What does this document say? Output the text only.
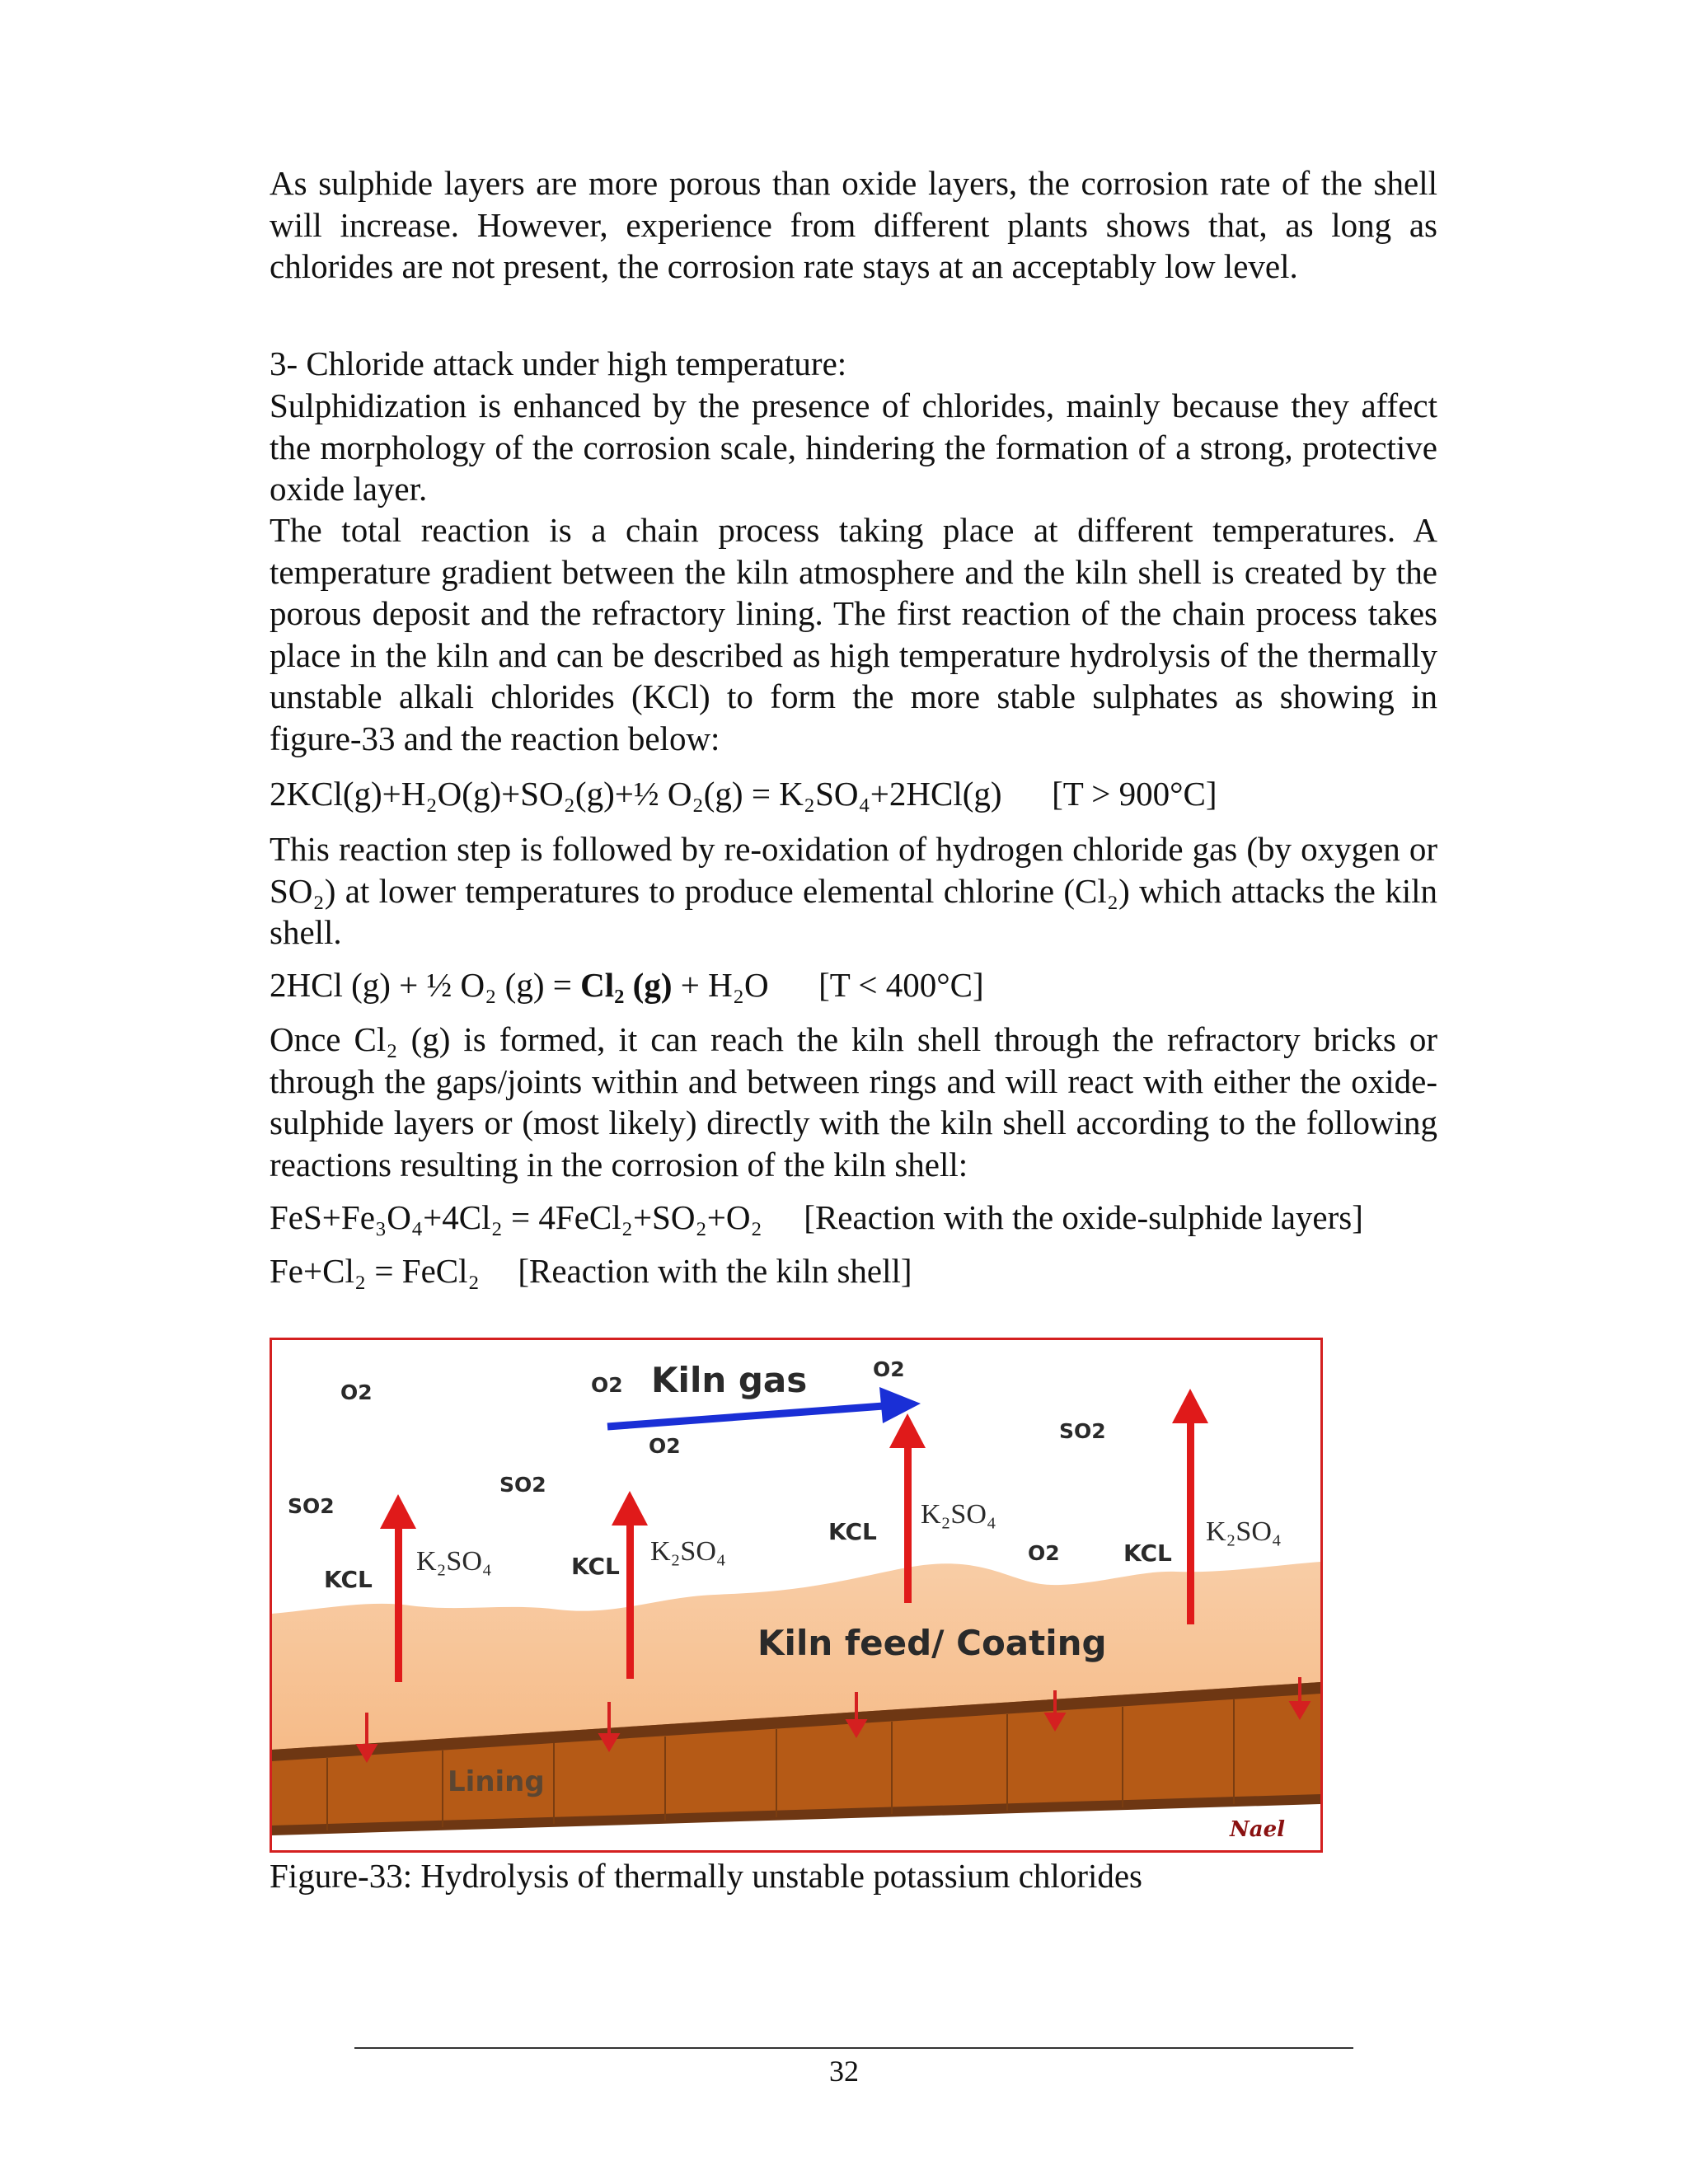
As sulphide layers are more porous than oxide layers, the corrosion rate of the shell will increase. However, experience from different plants shows that, as long as chlorides are not present, the corrosion rate stays at an acceptably low level.

3- Chloride attack under high temperature:

Sulphidization is enhanced by the presence of chlorides, mainly because they affect the morphology of the corrosion scale, hindering the formation of a strong, protective oxide layer.

The total reaction is a chain process taking place at different temperatures. A temperature gradient between the kiln atmosphere and the kiln shell is created by the porous deposit and the refractory lining. The first reaction of the chain process takes place in the kiln and can be described as high temperature hydrolysis of the thermally unstable alkali chlorides (KCl) to form the more stable sulphates as showing in figure-33 and the reaction below:

2KCl(g)+H₂O(g)+SO₂(g)+½ O₂(g) = K₂SO₄+2HCl(g) [T > 900°C]

This reaction step is followed by re-oxidation of hydrogen chloride gas (by oxygen or SO₂) at lower temperatures to produce elemental chlorine (Cl₂) which attacks the kiln shell.

2HCl (g) + ½ O₂ (g) = Cl₂ (g) + H₂O [T < 400°C]

Once Cl₂ (g) is formed, it can reach the kiln shell through the refractory bricks or through the gaps/joints within and between rings and will react with either the oxide-sulphide layers or (most likely) directly with the kiln shell according to the following reactions resulting in the corrosion of the kiln shell:

FeS+Fe₃O₄+4Cl₂ = 4FeCl₂+SO₂+O₂ [Reaction with the oxide-sulphide layers]

Fe+Cl₂ = FeCl₂ [Reaction with the kiln shell]

O2	O2 Kiln gas	O2
O2
SO2
SO2
SO2
KCL	KCL
KCL
KCL
O2
K₂SO₄	K₂SO₄
K₂SO₄
K₂SO₄
Kiln feed/ Coating
Lining
Nael

Figure-33: Hydrolysis of thermally unstable potassium chlorides

32
